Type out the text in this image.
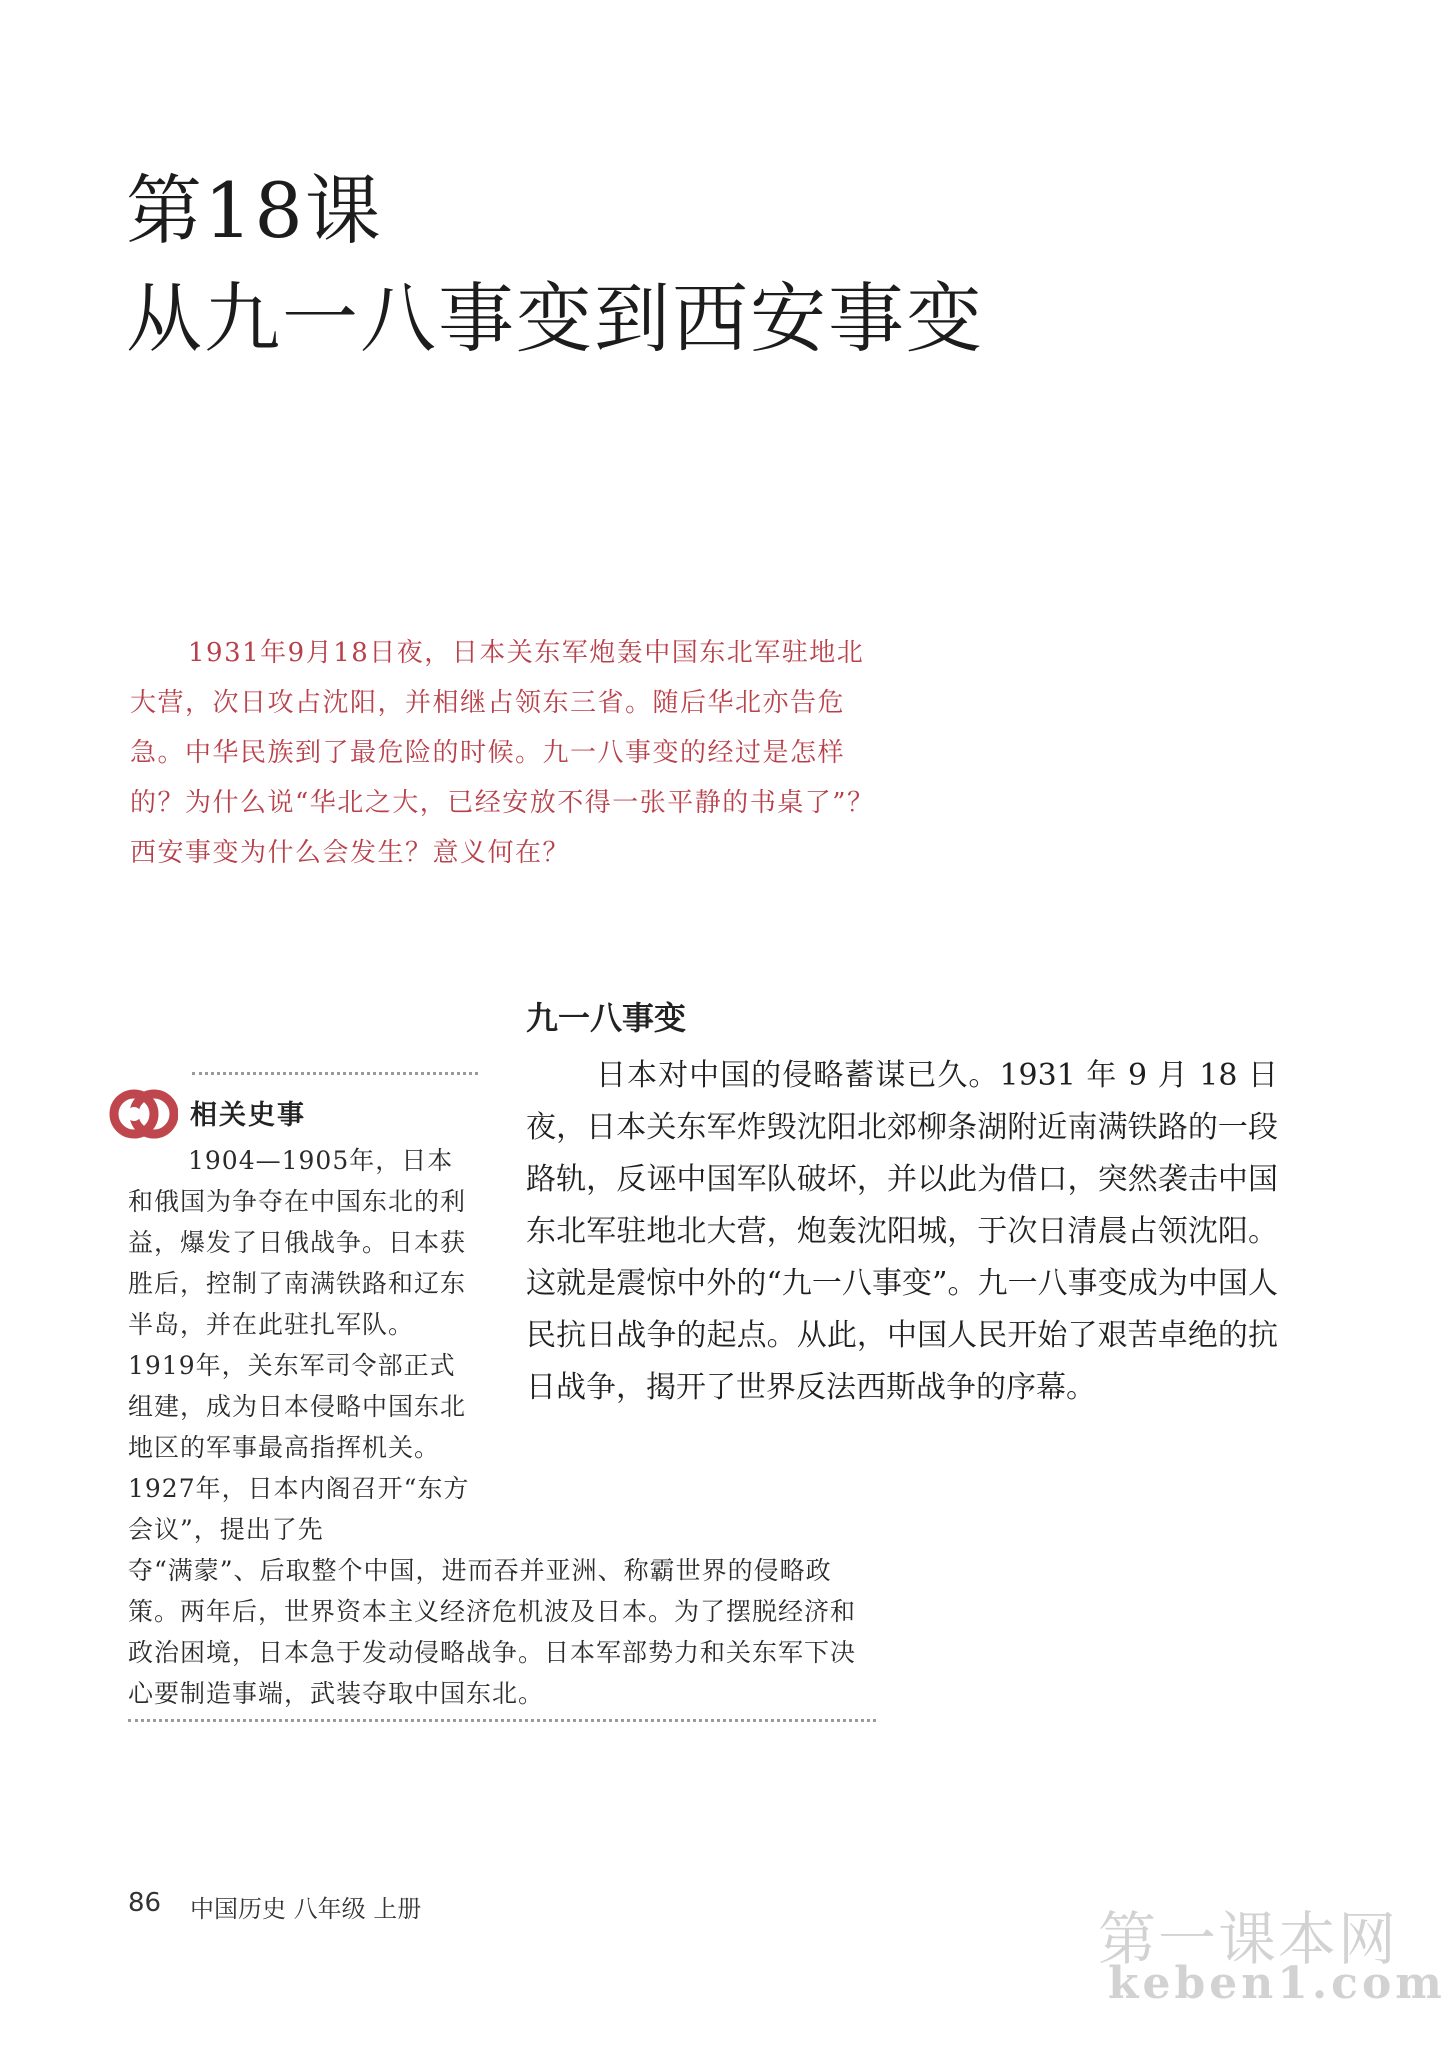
第18课
从九一八事变到西安事变
1931年9月18日夜，日本关东军炮轰中国东北军驻地北大营，次日攻占沈阳，并相继占领东三省。随后华北亦告危急。中华民族到了最危险的时候。九一八事变的经过是怎样的？为什么说“华北之大，已经安放不得一张平静的书桌了”？西安事变为什么会发生？意义何在？
九一八事变
日本对中国的侵略蓄谋已久。1931 年 9 月 18 日夜，日本关东军炸毁沈阳北郊柳条湖附近南满铁路的一段路轨，反诬中国军队破坏，并以此为借口，突然袭击中国东北军驻地北大营，炮轰沈阳城，于次日清晨占领沈阳。这就是震惊中外的“九一八事变”。九一八事变成为中国人民抗日战争的起点。从此，中国人民开始了艰苦卓绝的抗日战争，揭开了世界反法西斯战争的序幕。
相关史事
1904—1905年，日本和俄国为争夺在中国东北的利益，爆发了日俄战争。日本获胜后，控制了南满铁路和辽东半岛，并在此驻扎军队。1919年，关东军司令部正式组建，成为日本侵略中国东北地区的军事最高指挥机关。1927年，日本内阁召开“东方会议”，提出了先
夺“满蒙”、后取整个中国，进而吞并亚洲、称霸世界的侵略政策。两年后，世界资本主义经济危机波及日本。为了摆脱经济和政治困境，日本急于发动侵略战争。日本军部势力和关东军下决心要制造事端，武装夺取中国东北。
86 中国历史 八年级 上册	第一课本网
keben1.com
